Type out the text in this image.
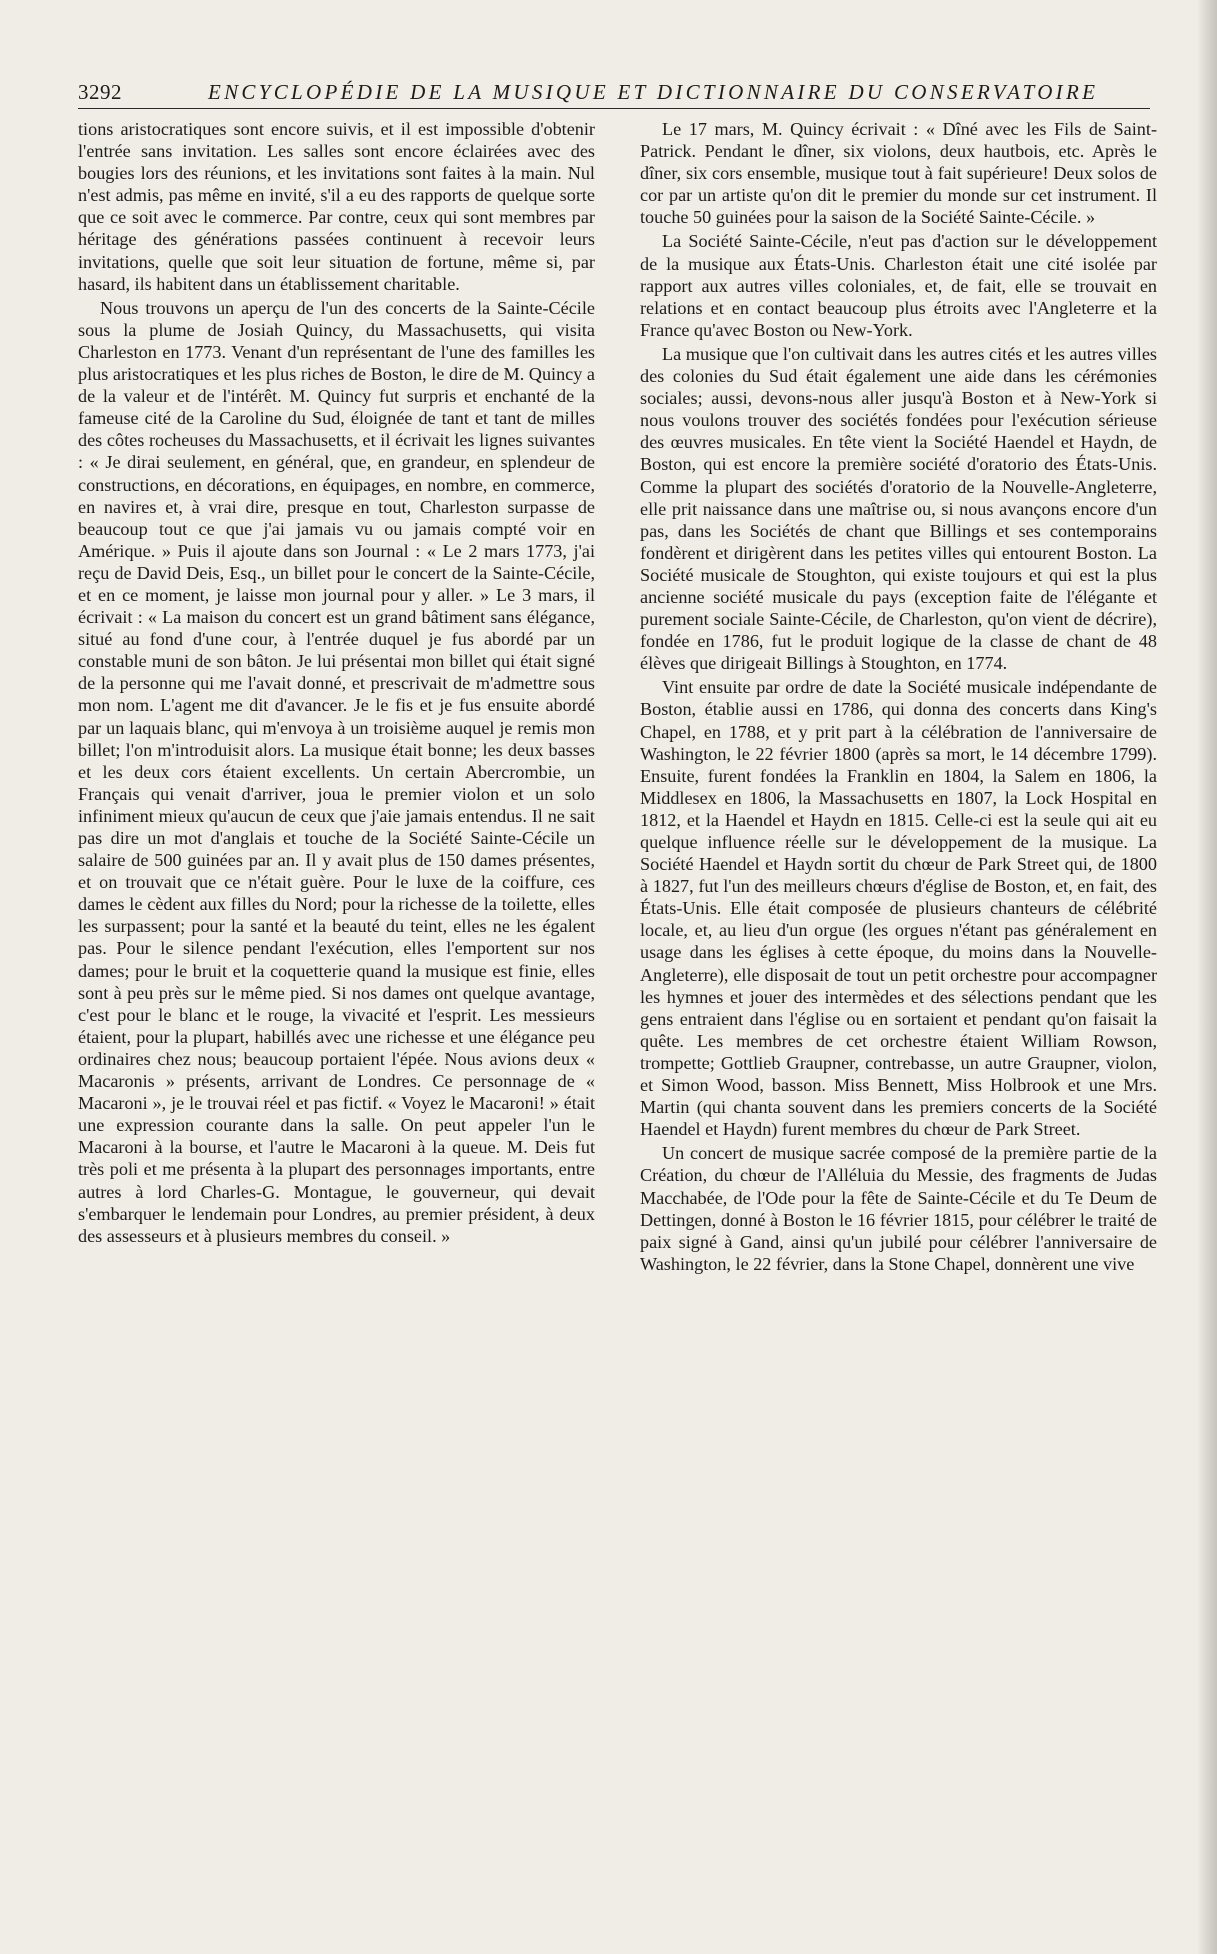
3292	ENCYCLOPÉDIE DE LA MUSIQUE ET DICTIONNAIRE DU CONSERVATOIRE

tions aristocratiques sont encore suivis, et il est impossible d'obtenir l'entrée sans invitation. Les salles sont encore éclairées avec des bougies lors des réunions, et les invitations sont faites à la main. Nul n'est admis, pas même en invité, s'il a eu des rapports de quelque sorte que ce soit avec le commerce. Par contre, ceux qui sont membres par héritage des générations passées continuent à recevoir leurs invitations, quelle que soit leur situation de fortune, même si, par hasard, ils habitent dans un établissement charitable.

Nous trouvons un aperçu de l'un des concerts de la Sainte-Cécile sous la plume de Josiah Quincy, du Massachusetts, qui visita Charleston en 1773. Venant d'un représentant de l'une des familles les plus aristocratiques et les plus riches de Boston, le dire de M. Quincy a de la valeur et de l'intérêt. M. Quincy fut surpris et enchanté de la fameuse cité de la Caroline du Sud, éloignée de tant et tant de milles des côtes rocheuses du Massachusetts, et il écrivait les lignes suivantes : « Je dirai seulement, en général, que, en grandeur, en splendeur de constructions, en décorations, en équipages, en nombre, en commerce, en navires et, à vrai dire, presque en tout, Charleston surpasse de beaucoup tout ce que j'ai jamais vu ou jamais compté voir en Amérique. » Puis il ajoute dans son Journal : « Le 2 mars 1773, j'ai reçu de David Deis, Esq., un billet pour le concert de la Sainte-Cécile, et en ce moment, je laisse mon journal pour y aller. » Le 3 mars, il écrivait : « La maison du concert est un grand bâtiment sans élégance, situé au fond d'une cour, à l'entrée duquel je fus abordé par un constable muni de son bâton. Je lui présentai mon billet qui était signé de la personne qui me l'avait donné, et prescrivait de m'admettre sous mon nom. L'agent me dit d'avancer. Je le fis et je fus ensuite abordé par un laquais blanc, qui m'envoya à un troisième auquel je remis mon billet; l'on m'introduisit alors. La musique était bonne; les deux basses et les deux cors étaient excellents. Un certain Abercrombie, un Français qui venait d'arriver, joua le premier violon et un solo infiniment mieux qu'aucun de ceux que j'aie jamais entendus. Il ne sait pas dire un mot d'anglais et touche de la Société Sainte-Cécile un salaire de 500 guinées par an. Il y avait plus de 150 dames présentes, et on trouvait que ce n'était guère. Pour le luxe de la coiffure, ces dames le cèdent aux filles du Nord; pour la richesse de la toilette, elles les surpassent; pour la santé et la beauté du teint, elles ne les égalent pas. Pour le silence pendant l'exécution, elles l'emportent sur nos dames; pour le bruit et la coquetterie quand la musique est finie, elles sont à peu près sur le même pied. Si nos dames ont quelque avantage, c'est pour le blanc et le rouge, la vivacité et l'esprit. Les messieurs étaient, pour la plupart, habillés avec une richesse et une élégance peu ordinaires chez nous; beaucoup portaient l'épée. Nous avions deux « Macaronis » présents, arrivant de Londres. Ce personnage de « Macaroni », je le trouvai réel et pas fictif. « Voyez le Macaroni! » était une expression courante dans la salle. On peut appeler l'un le Macaroni à la bourse, et l'autre le Macaroni à la queue. M. Deis fut très poli et me présenta à la plupart des personnages importants, entre autres à lord Charles-G. Montague, le gouverneur, qui devait s'embarquer le lendemain pour Londres, au premier président, à deux des assesseurs et à plusieurs membres du conseil. »

Le 17 mars, M. Quincy écrivait : « Dîné avec les Fils de Saint-Patrick. Pendant le dîner, six violons, deux hautbois, etc. Après le dîner, six cors ensemble, musique tout à fait supérieure! Deux solos de cor par un artiste qu'on dit le premier du monde sur cet instrument. Il touche 50 guinées pour la saison de la Société Sainte-Cécile. »

La Société Sainte-Cécile, n'eut pas d'action sur le développement de la musique aux États-Unis. Charleston était une cité isolée par rapport aux autres villes coloniales, et, de fait, elle se trouvait en relations et en contact beaucoup plus étroits avec l'Angleterre et la France qu'avec Boston ou New-York.

La musique que l'on cultivait dans les autres cités et les autres villes des colonies du Sud était également une aide dans les cérémonies sociales; aussi, devons-nous aller jusqu'à Boston et à New-York si nous voulons trouver des sociétés fondées pour l'exécution sérieuse des œuvres musicales. En tête vient la Société Haendel et Haydn, de Boston, qui est encore la première société d'oratorio des États-Unis. Comme la plupart des sociétés d'oratorio de la Nouvelle-Angleterre, elle prit naissance dans une maîtrise ou, si nous avançons encore d'un pas, dans les Sociétés de chant que Billings et ses contemporains fondèrent et dirigèrent dans les petites villes qui entourent Boston. La Société musicale de Stoughton, qui existe toujours et qui est la plus ancienne société musicale du pays (exception faite de l'élégante et purement sociale Sainte-Cécile, de Charleston, qu'on vient de décrire), fondée en 1786, fut le produit logique de la classe de chant de 48 élèves que dirigeait Billings à Stoughton, en 1774.

Vint ensuite par ordre de date la Société musicale indépendante de Boston, établie aussi en 1786, qui donna des concerts dans King's Chapel, en 1788, et y prit part à la célébration de l'anniversaire de Washington, le 22 février 1800 (après sa mort, le 14 décembre 1799). Ensuite, furent fondées la Franklin en 1804, la Salem en 1806, la Middlesex en 1806, la Massachusetts en 1807, la Lock Hospital en 1812, et la Haendel et Haydn en 1815. Celle-ci est la seule qui ait eu quelque influence réelle sur le développement de la musique. La Société Haendel et Haydn sortit du chœur de Park Street qui, de 1800 à 1827, fut l'un des meilleurs chœurs d'église de Boston, et, en fait, des États-Unis. Elle était composée de plusieurs chanteurs de célébrité locale, et, au lieu d'un orgue (les orgues n'étant pas généralement en usage dans les églises à cette époque, du moins dans la Nouvelle-Angleterre), elle disposait de tout un petit orchestre pour accompagner les hymnes et jouer des intermèdes et des sélections pendant que les gens entraient dans l'église ou en sortaient et pendant qu'on faisait la quête. Les membres de cet orchestre étaient William Rowson, trompette; Gottlieb Graupner, contrebasse, un autre Graupner, violon, et Simon Wood, basson. Miss Bennett, Miss Holbrook et une Mrs. Martin (qui chanta souvent dans les premiers concerts de la Société Haendel et Haydn) furent membres du chœur de Park Street.

Un concert de musique sacrée composé de la première partie de la Création, du chœur de l'Alléluia du Messie, des fragments de Judas Macchabée, de l'Ode pour la fête de Sainte-Cécile et du Te Deum de Dettingen, donné à Boston le 16 février 1815, pour célébrer le traité de paix signé à Gand, ainsi qu'un jubilé pour célébrer l'anniversaire de Washington, le 22 février, dans la Stone Chapel, donnèrent une vive
